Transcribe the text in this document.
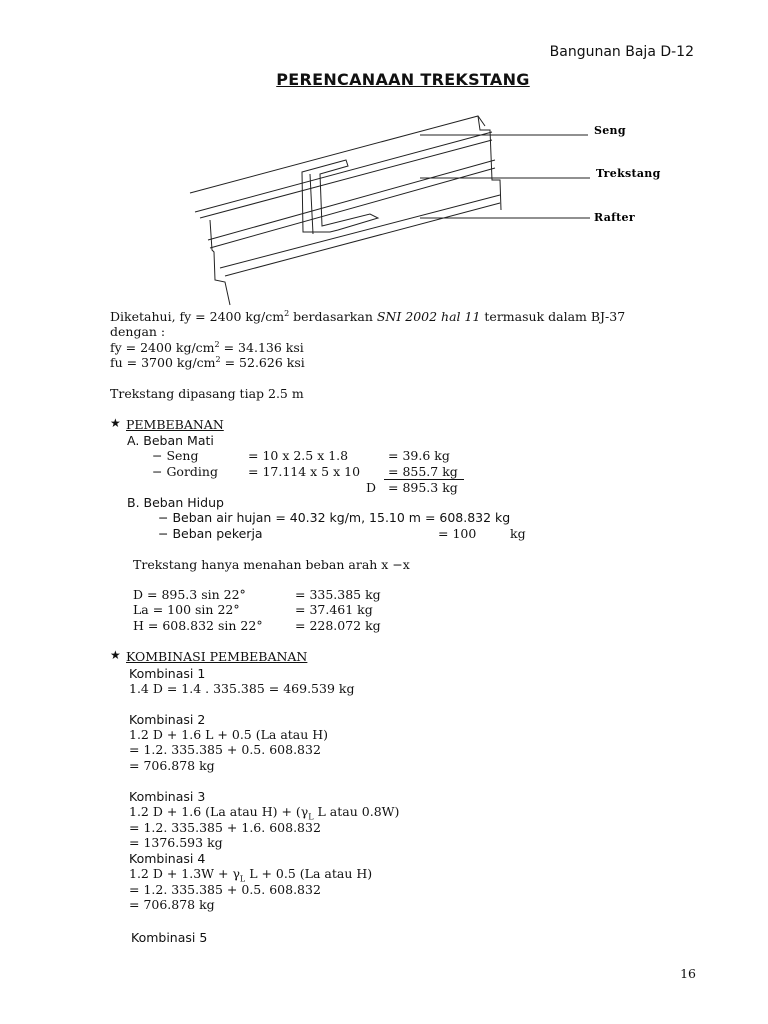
Bangunan Baja D-12
PERENCANAAN TREKSTANG
Seng
Trekstang
Rafter
Diketahui, fy = 2400 $kg/cm^2$ berdasarkan SNI 2002 hal 11 termasuk dalam BJ-37
dengan :
fy = 2400 $kg/cm^2 = 34.136$ ksi
fu = 3700 $kg/cm^2 = 52.626$ ksi
Trekstang dipasang tiap 2.5 m
★ PEMBEBANAN
A. Beban Mati
− Seng	= 10 x 2.5 x 1.8	= 39.6 kg
− Gording = 17.114 x 5 x 10 = 855.7 kg
D = 895.3 kg
B. Beban Hidup
− Beban air hujan = 40.32 kg/m, 15.10 m = 608.832 kg
− Beban pekerja	= 100	kg
Trekstang hanya menahan beban arah x −x
D = 895.3 sin 22°	= 335.385 kg
La = 100 sin 22°	= 37.461 kg
H = 608.832 sin 22°	= 228.072 kg
★ KOMBINASI PEMBEBANAN
Kombinasi 1
1.4 D = 1.4 . 335.385 = 469.539 kg
Kombinasi 2
1.2 D + 1.6 L + 0.5 (La atau H)
= 1.2. 335.385 + 0.5. 608.832
= 706.878 kg
Kombinasi 3
1.2 D + 1.6 (La atau $H) + (\gamma_L$ L atau 0.8W)
= 1.2. 335.385 + 1.6. 608.832
= 1376.593 kg
Kombinasi 4
1.2 $D + 1.3W + \gamma_L$ L + 0.5 (La atau H)
= 1.2. 335.385 + 0.5. 608.832
= 706.878 kg
Kombinasi 5
16
